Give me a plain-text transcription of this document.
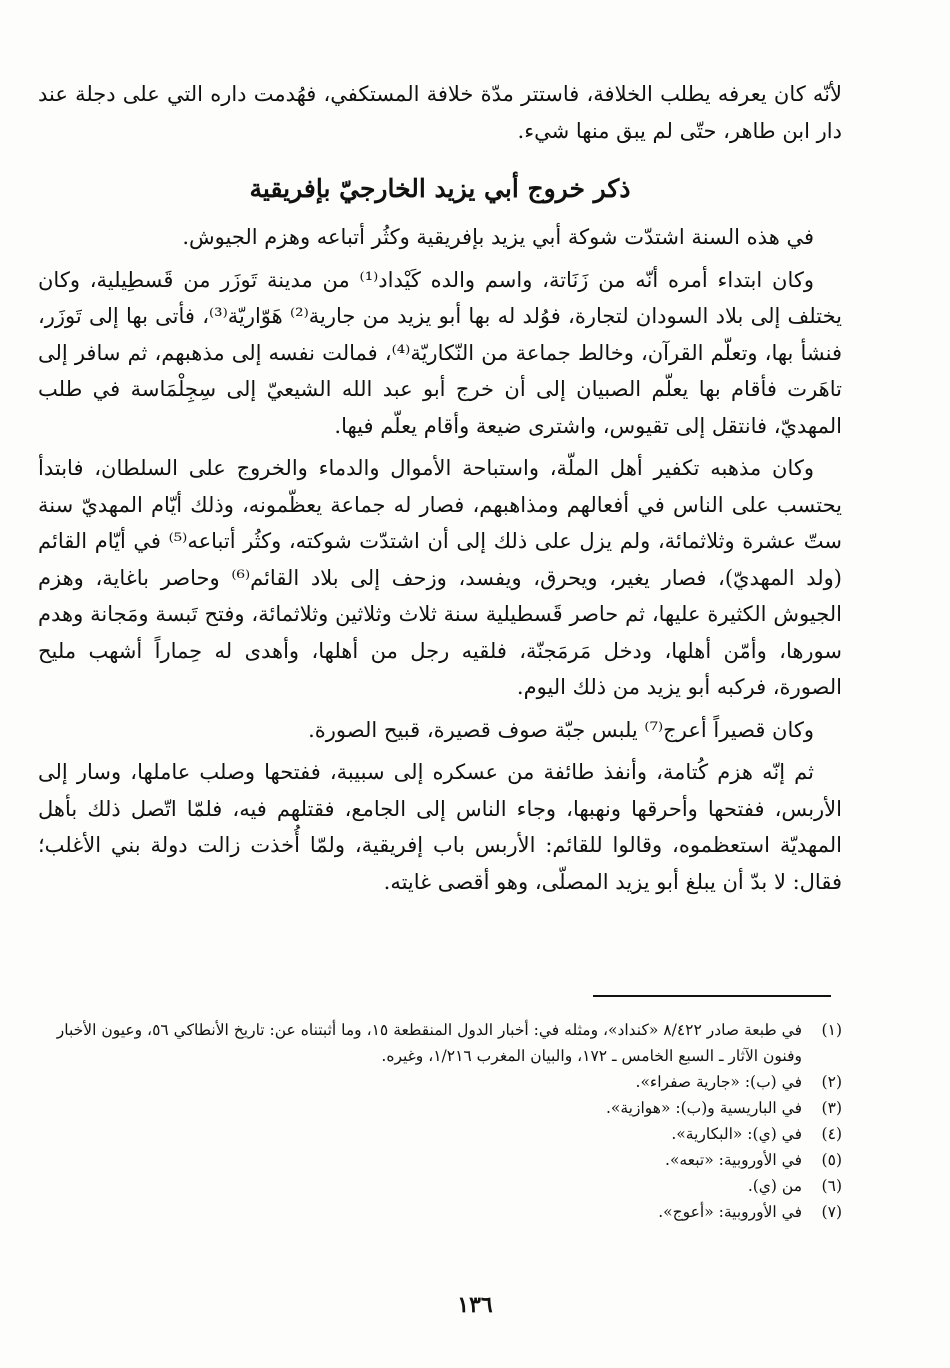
لأنّه كان يعرفه يطلب الخلافة، فاستتر مدّة خلافة المستكفي، فهُدمت داره التي على دجلة عند دار ابن طاهر، حتّى لم يبق منها شيء.

ذكر خروج أبي يزيد الخارجيّ بإفريقية

في هذه السنة اشتدّت شوكة أبي يزيد بإفريقية وكثُر أتباعه وهزم الجيوش.

وكان ابتداء أمره أنّه من زَنَاتة، واسم والده كَيْداد⁽¹⁾ من مدينة تَوزَر من قَسطِيلية، وكان يختلف إلى بلاد السودان لتجارة، فوُلد له بها أبو يزيد من جارية⁽²⁾ هَوّاريّة⁽³⁾، فأتى بها إلى تَوزَر، فنشأ بها، وتعلّم القرآن، وخالط جماعة من النّكاريّة⁽⁴⁾، فمالت نفسه إلى مذهبهم، ثم سافر إلى تاهَرت فأقام بها يعلّم الصبيان إلى أن خرج أبو عبد الله الشيعيّ إلى سِجِلْمَاسة في طلب المهديّ، فانتقل إلى تقيوس، واشترى ضيعة وأقام يعلّم فيها.

وكان مذهبه تكفير أهل الملّة، واستباحة الأموال والدماء والخروج على السلطان، فابتدأ يحتسب على الناس في أفعالهم ومذاهبهم، فصار له جماعة يعظّمونه، وذلك أيّام المهديّ سنة ستّ عشرة وثلاثمائة، ولم يزل على ذلك إلى أن اشتدّت شوكته، وكثُر أتباعه⁽⁵⁾ في أيّام القائم (ولد المهديّ)، فصار يغير، ويحرق، ويفسد، وزحف إلى بلاد القائم⁽⁶⁾ وحاصر باغاية، وهزم الجيوش الكثيرة عليها، ثم حاصر قَسطيلية سنة ثلاث وثلاثين وثلاثمائة، وفتح تَبسة ومَجانة وهدم سورها، وأمّن أهلها، ودخل مَرمَجنّة، فلقيه رجل من أهلها، وأهدى له حِماراً أشهب مليح الصورة، فركبه أبو يزيد من ذلك اليوم.

وكان قصيراً أعرج⁽⁷⁾ يلبس جبّة صوف قصيرة، قبيح الصورة.

ثم إنّه هزم كُتامة، وأنفذ طائفة من عسكره إلى سبيبة، ففتحها وصلب عاملها، وسار إلى الأربس، ففتحها وأحرقها ونهبها، وجاء الناس إلى الجامع، فقتلهم فيه، فلمّا اتّصل ذلك بأهل المهديّة استعظموه، وقالوا للقائم: الأربس باب إفريقية، ولمّا أُخذت زالت دولة بني الأغلب؛ فقال: لا بدّ أن يبلغ أبو يزيد المصلّى، وهو أقصى غايته.

(١)
في طبعة صادر ٨/٤٢٢ «كنداد»، ومثله في: أخبار الدول المنقطعة ١٥، وما أثبتناه عن: تاريخ الأنطاكي ٥٦، وعيون الأخبار وفنون الآثار ـ السبع الخامس ـ ١٧٢، والبيان المغرب ١/٢١٦، وغيره.
(٢)
في (ب): «جارية صفراء».
(٣)
في الباريسية و(ب): «هوازية».
(٤)
في (ي): «البكارية».
(٥)
في الأوروبية: «تبعه».
(٦)
من (ي).
(٧)
في الأوروبية: «أعوج».
١٣٦
